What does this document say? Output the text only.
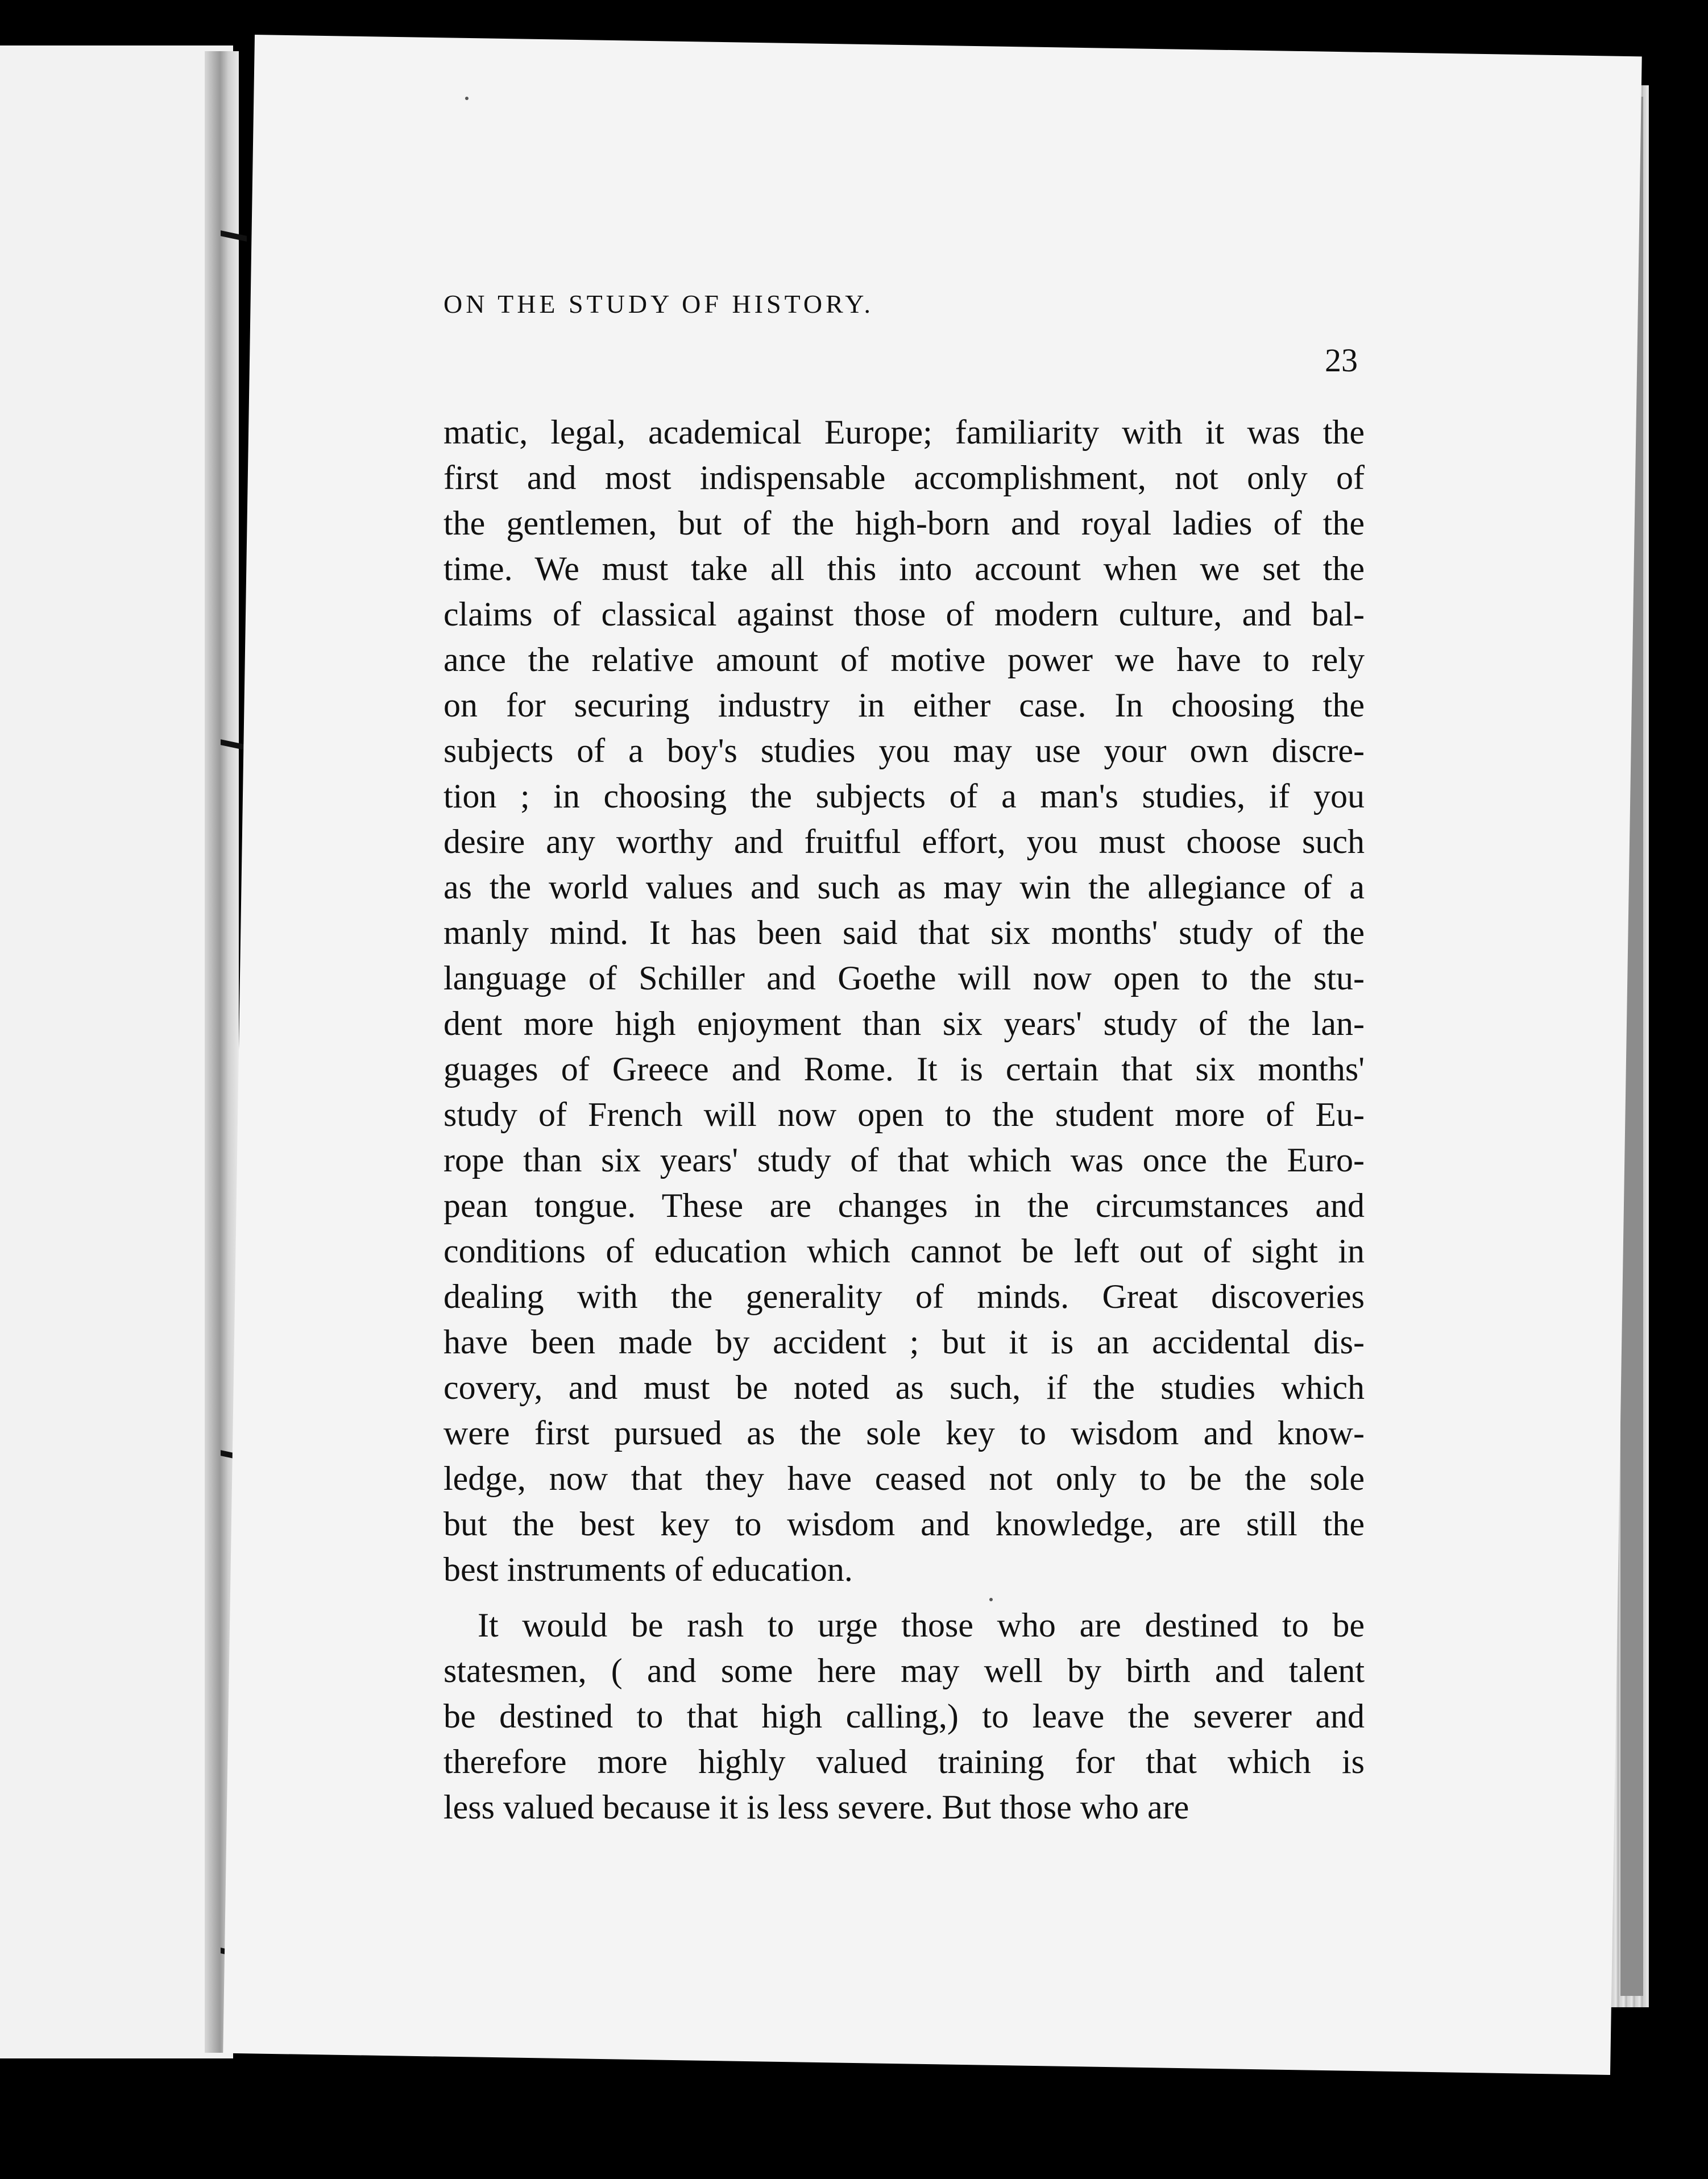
ON THE STUDY OF HISTORY.
23
matic, legal, academical Europe; familiarity with it was the
first and most indispensable accomplishment, not only of
the gentlemen, but of the high-born and royal ladies of the
time. We must take all this into account when we set the
claims of classical against those of modern culture, and bal-
ance the relative amount of motive power we have to rely
on for securing industry in either case. In choosing the
subjects of a boy's studies you may use your own discre-
tion ; in choosing the subjects of a man's studies, if you
desire any worthy and fruitful effort, you must choose such
as the world values and such as may win the allegiance of a
manly mind. It has been said that six months' study of the
language of Schiller and Goethe will now open to the stu-
dent more high enjoyment than six years' study of the lan-
guages of Greece and Rome. It is certain that six months'
study of French will now open to the student more of Eu-
rope than six years' study of that which was once the Euro-
pean tongue. These are changes in the circumstances and
conditions of education which cannot be left out of sight in
dealing with the generality of minds. Great discoveries
have been made by accident ; but it is an accidental dis-
covery, and must be noted as such, if the studies which
were first pursued as the sole key to wisdom and know-
ledge, now that they have ceased not only to be the sole
but the best key to wisdom and knowledge, are still the
best instruments of education.
It would be rash to urge those who are destined to be
statesmen, ( and some here may well by birth and talent
be destined to that high calling,) to leave the severer and
therefore more highly valued training for that which is
less valued because it is less severe. But those who are
